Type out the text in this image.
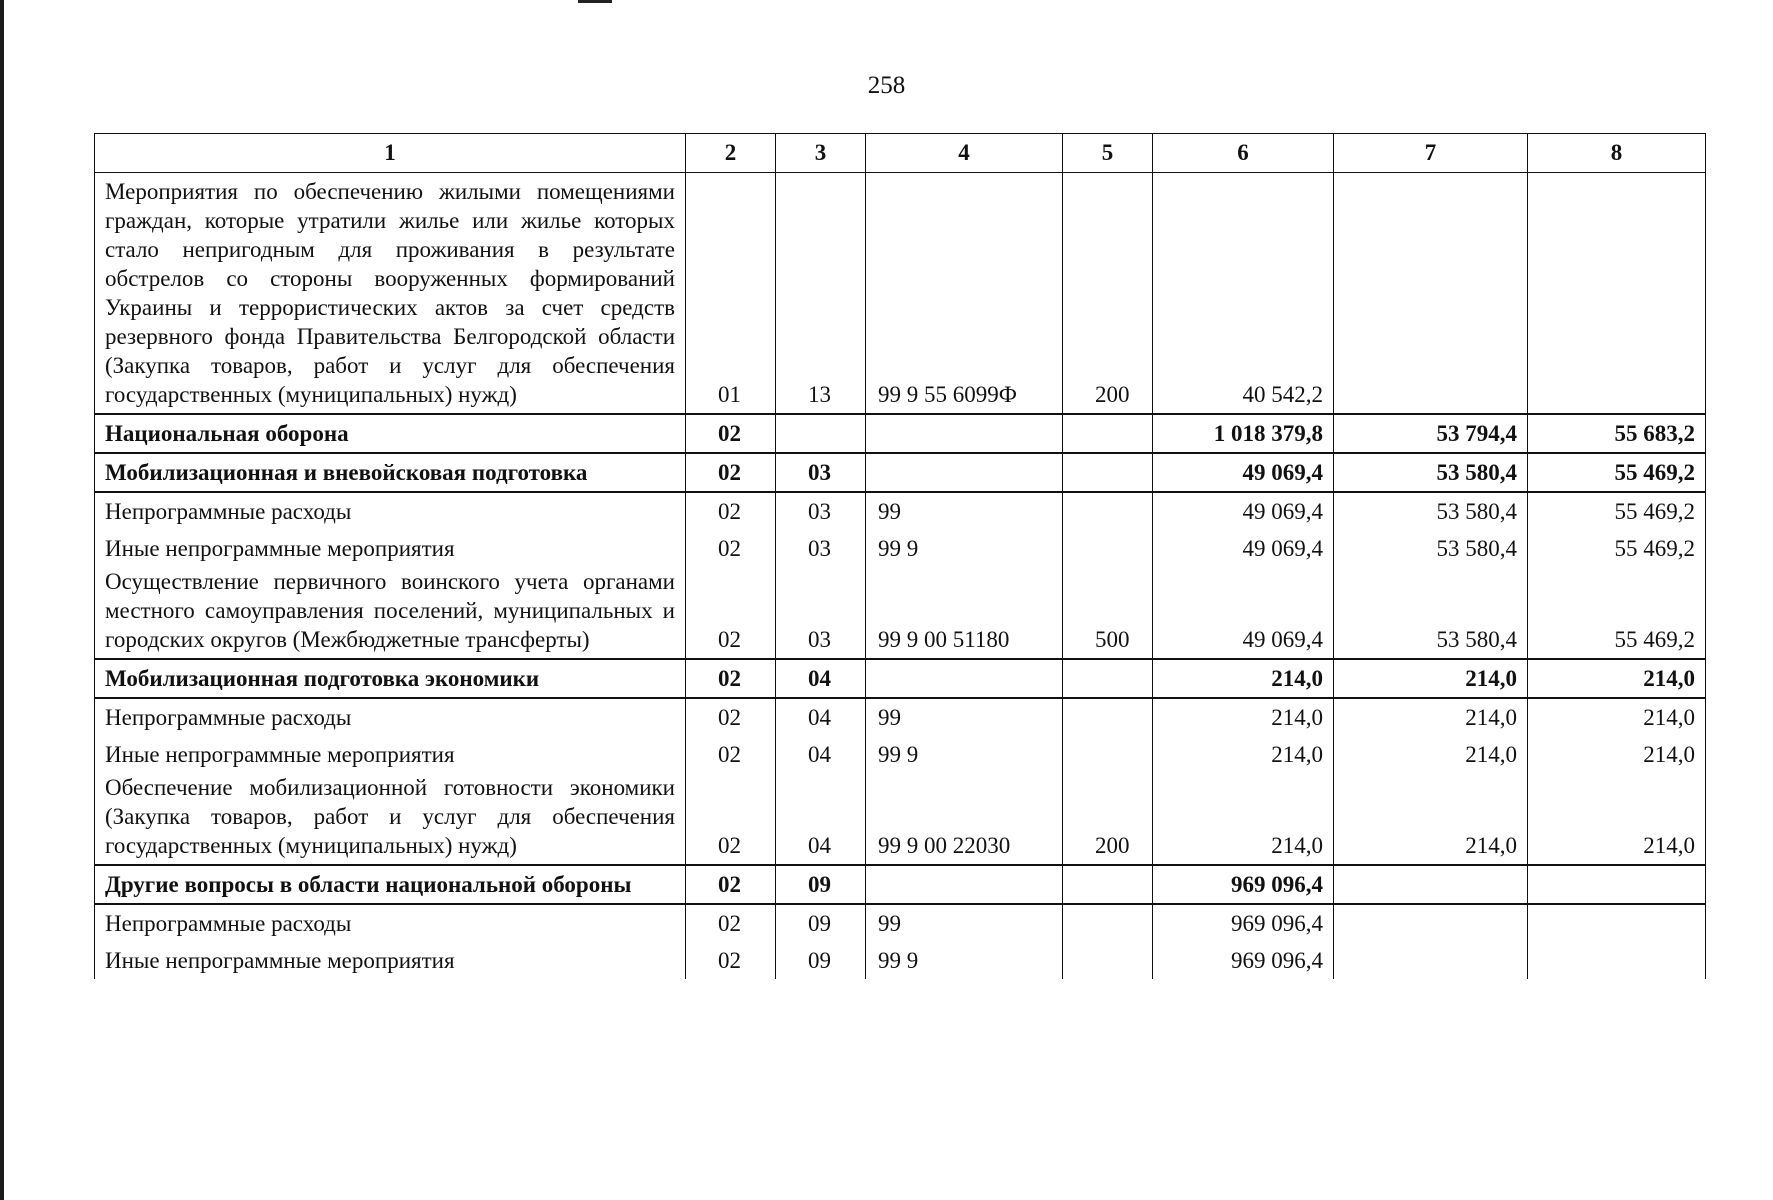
258
1	2	3	4	5	6	7	8
Мероприятия по обеспечению жилыми помещениями граждан, которые утратили жилье или жилье которых стало непригодным для проживания в результате обстрелов со стороны вооруженных формирований Украины и террористических актов за счет средств резервного фонда Правительства Белгородской области (Закупка товаров, работ и услуг для обеспечения государственных (муниципальных) нужд)	01	13	99 9 55 6099Ф	200	40 542,2		
Национальная оборона	02				1 018 379,8	53 794,4	55 683,2
Мобилизационная и вневойсковая подготовка	02	03			49 069,4	53 580,4	55 469,2
Непрограммные расходы	02	03	99		49 069,4	53 580,4	55 469,2
Иные непрограммные мероприятия	02	03	99 9		49 069,4	53 580,4	55 469,2
Осуществление первичного воинского учета органами местного самоуправления поселений, муниципальных и городских округов (Межбюджетные трансферты)	02	03	99 9 00 51180	500	49 069,4	53 580,4	55 469,2
Мобилизационная подготовка экономики	02	04			214,0	214,0	214,0
Непрограммные расходы	02	04	99		214,0	214,0	214,0
Иные непрограммные мероприятия	02	04	99 9		214,0	214,0	214,0
Обеспечение мобилизационной готовности экономики (Закупка товаров, работ и услуг для обеспечения государственных (муниципальных) нужд)	02	04	99 9 00 22030	200	214,0	214,0	214,0
Другие вопросы в области национальной обороны	02	09			969 096,4		
Непрограммные расходы	02	09	99		969 096,4		
Иные непрограммные мероприятия	02	09	99 9		969 096,4		
